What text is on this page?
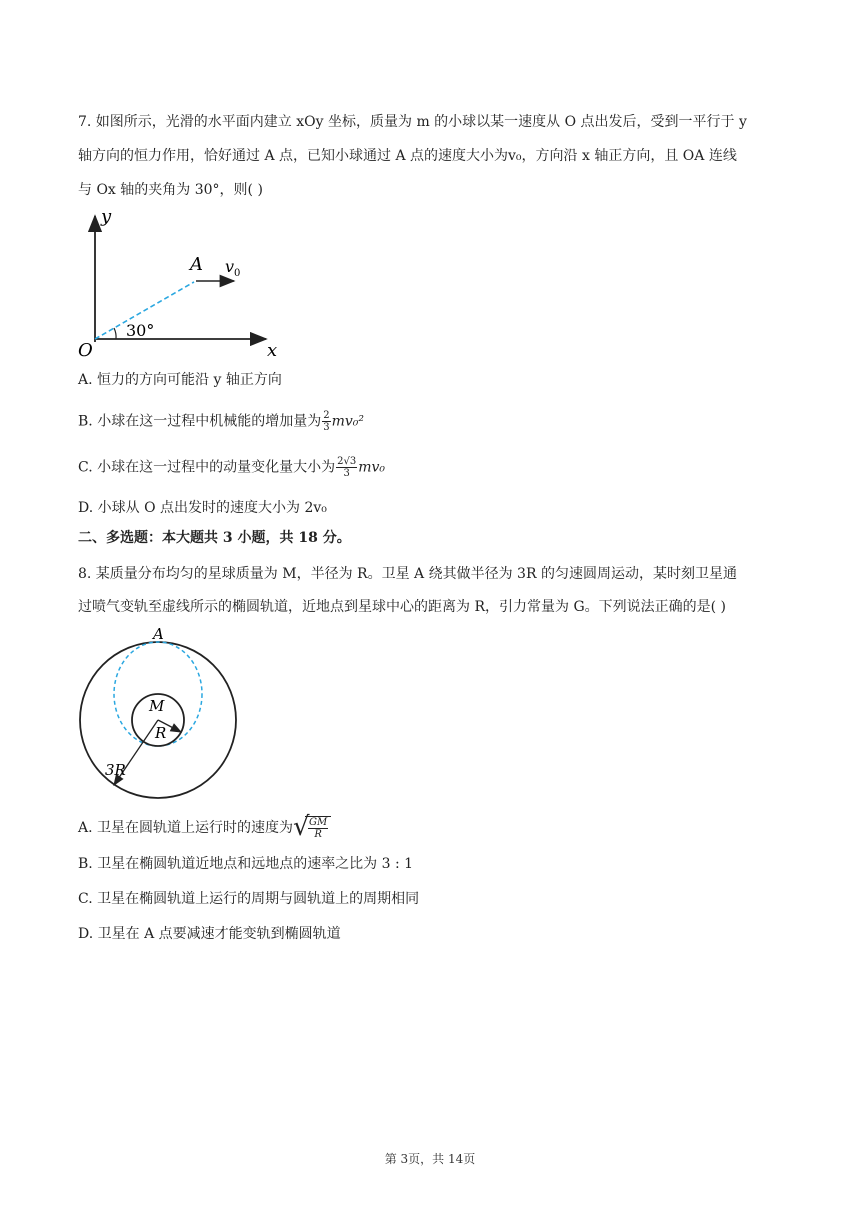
7. 如图所示，光滑的水平面内建立 xOy 坐标，质量为 m 的小球以某一速度从 O 点出发后，受到一平行于 y
轴方向的恒力作用，恰好通过 A 点，已知小球通过 A 点的速度大小为v₀，方向沿 x 轴正方向，且 OA 连线
与 Ox 轴的夹角为 30°，则( )
y
x
O
A $v_0$
30°
A. 恒力的方向可能沿 y 轴正方向
B. 小球在这一过程中机械能的增加量为 $\frac{2}{3} mv_0^2$
C. 小球在这一过程中的动量变化量大小为 $\frac{2√3}{3} mv_0$
D. 小球从 O 点出发时的速度大小为 2v₀
二、多选题：本大题共 3 小题，共 18 分。
8. 某质量分布均匀的星球质量为 M，半径为 R。卫星 A 绕其做半径为 3R 的匀速圆周运动，某时刻卫星通
过喷气变轨至虚线所示的椭圆轨道，近地点到星球中心的距离为 R，引力常量为 G。下列说法正确的是( )
A
M
R
3R
A. 卫星在圆轨道上运行时的速度为 √
$\frac{GM}{R}$
B. 卫星在椭圆轨道近地点和远地点的速率之比为 3 : 1
C. 卫星在椭圆轨道上运行的周期与圆轨道上的周期相同
D. 卫星在 A 点要减速才能变轨到椭圆轨道
第 3页，共 14页
